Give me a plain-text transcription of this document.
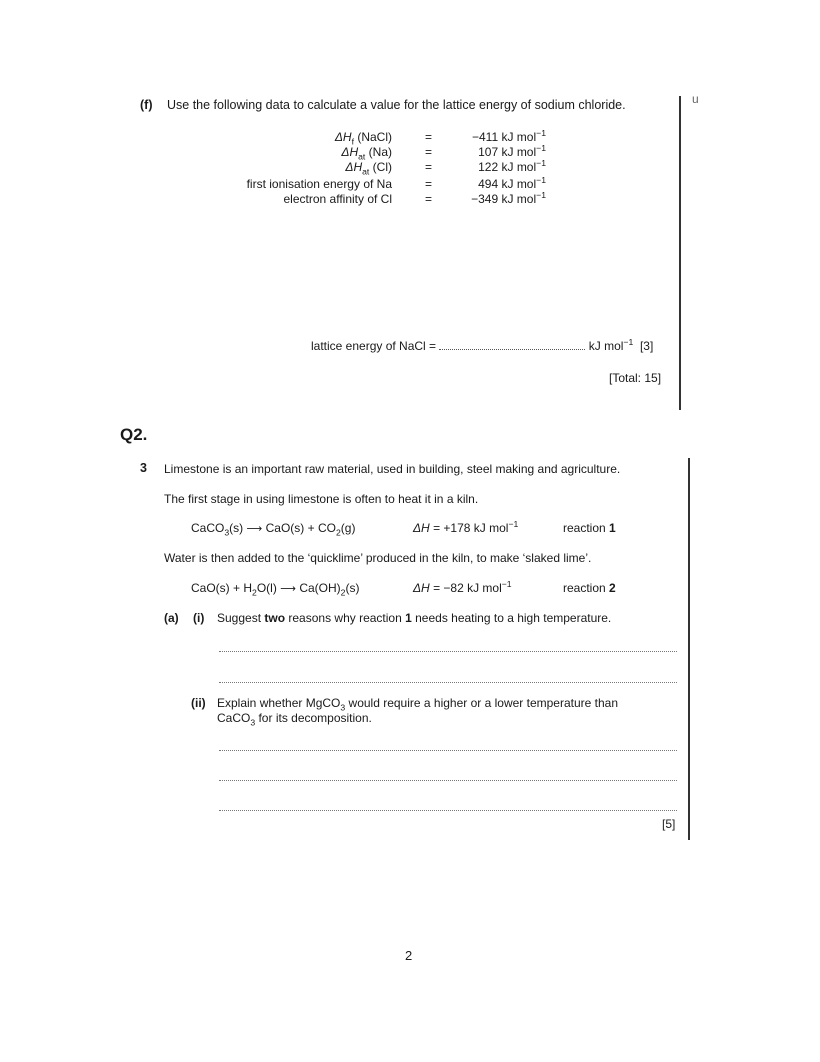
(f) Use the following data to calculate a value for the lattice energy of sodium chloride.	u
$\Delta H_f$ (NaCl)	=	−411 kJ mol$^{-1}$
$\Delta H_{at}$ (Na)	=	107 kJ mol$^{-1}$
$\Delta H_{at}$ (Cl)	=	122 kJ mol$^{-1}$
first ionisation energy of Na	=	494 kJ mol$^{-1}$
electron affinity of Cl	=	−349 kJ mol$^{-1}$
lattice energy of NaCl =	kJ mol$^{-1}$ [3]
[Total: 15]
Q2.
3 Limestone is an important raw material, used in building, steel making and agriculture.
The first stage in using limestone is often to heat it in a kiln.
CaCO$_3$(s) ⟶ $CaO(s) + CO_2(g)$	ΔH = +178 kJ mol$^{-1}$	reaction 1
Water is then added to the ‘quicklime’ produced in the kiln, to make ‘slaked lime’.
$CaO(s) + H_2O(l)$ ⟶ $Ca(OH)_2(s)$	ΔH = −82 kJ mol$^{-1}$	reaction 2
(a) (i) Suggest two reasons why reaction 1 needs heating to a high temperature.
(ii) Explain whether MgCO$_3$ would require a higher or a lower temperature than
CaCO$_3$ for its decomposition.
[5]
2
